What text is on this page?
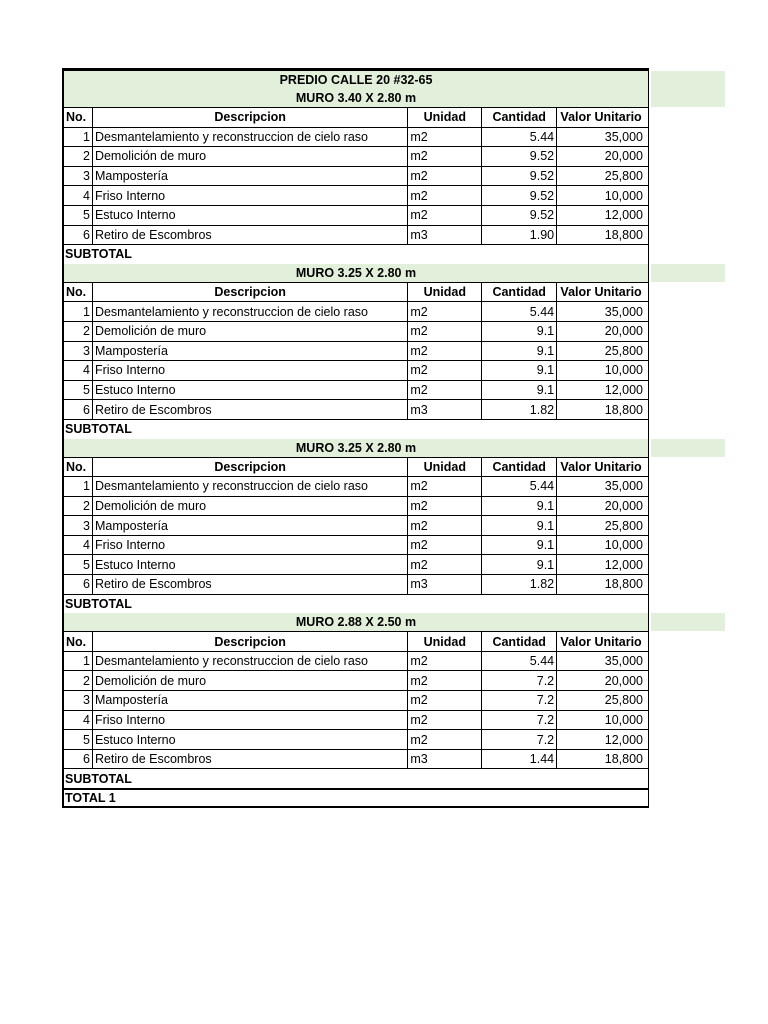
PREDIO CALLE 20 #32-65
MURO 3.40 X 2.80 m
No.	Descripcion	Unidad	Cantidad	Valor Unitario
1 Desmantelamiento y reconstruccion de cielo raso	m2	5.44	35,000
2 Demolición de muro	m2	9.52	20,000
3 Mampostería	m2	9.52	25,800
4 Friso Interno	m2	9.52	10,000
5 Estuco Interno	m2	9.52	12,000
6 Retiro de Escombros	m3	1.90	18,800
SUBTOTAL
MURO 3.25 X 2.80 m
No.	Descripcion	Unidad	Cantidad	Valor Unitario
1 Desmantelamiento y reconstruccion de cielo raso	m2	5.44	35,000
2 Demolición de muro	m2	9.1	20,000
3 Mampostería	m2	9.1	25,800
4 Friso Interno	m2	9.1	10,000
5 Estuco Interno	m2	9.1	12,000
6 Retiro de Escombros	m3	1.82	18,800
SUBTOTAL
MURO 3.25 X 2.80 m
No.	Descripcion	Unidad	Cantidad	Valor Unitario
1 Desmantelamiento y reconstruccion de cielo raso	m2	5.44	35,000
2 Demolición de muro	m2	9.1	20,000
3 Mampostería	m2	9.1	25,800
4 Friso Interno	m2	9.1	10,000
5 Estuco Interno	m2	9.1	12,000
6 Retiro de Escombros	m3	1.82	18,800
SUBTOTAL
MURO 2.88 X 2.50 m
No.	Descripcion	Unidad	Cantidad	Valor Unitario
1 Desmantelamiento y reconstruccion de cielo raso	m2	5.44	35,000
2 Demolición de muro	m2	7.2	20,000
3 Mampostería	m2	7.2	25,800
4 Friso Interno	m2	7.2	10,000
5 Estuco Interno	m2	7.2	12,000
6 Retiro de Escombros	m3	1.44	18,800
SUBTOTAL
TOTAL 1
